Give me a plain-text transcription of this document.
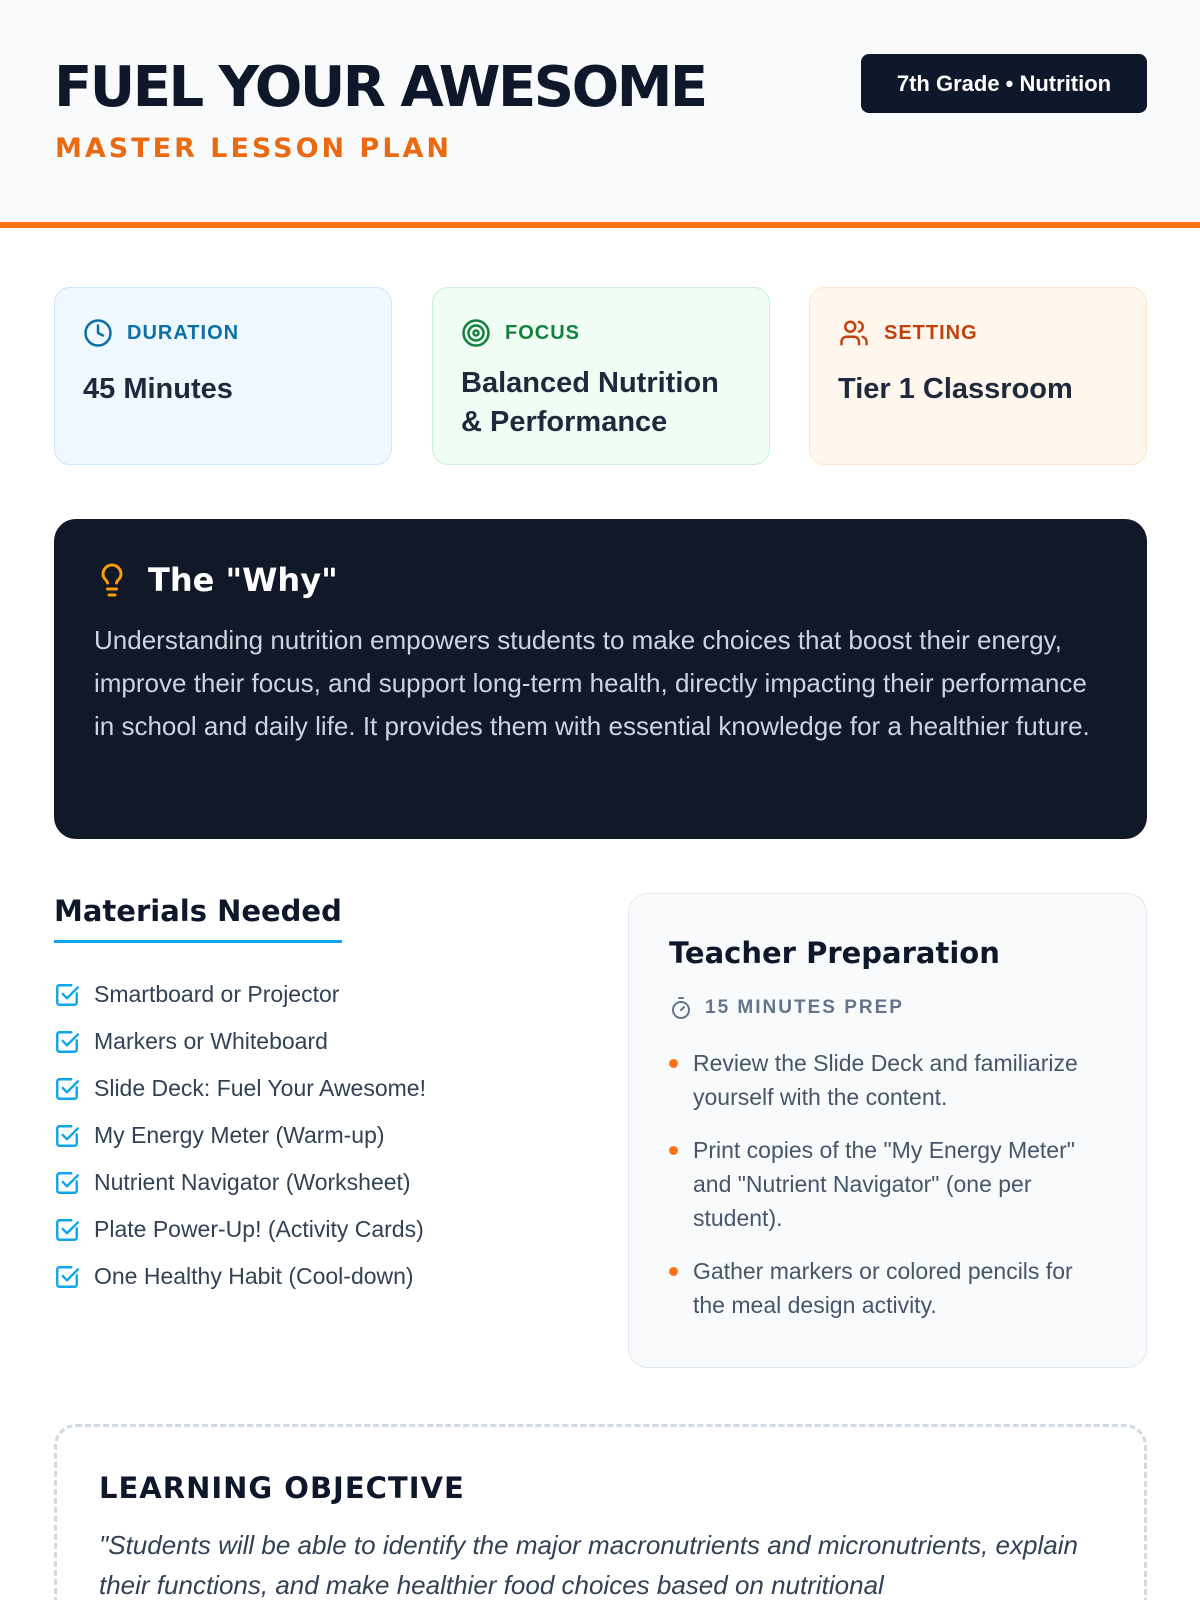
FUEL YOUR AWESOME
MASTER LESSON PLAN
7th Grade • Nutrition
DURATION
45 Minutes
FOCUS
Balanced Nutrition
& Performance
SETTING
Tier 1 Classroom
The "Why"

Understanding nutrition empowers students to make choices that boost their energy, improve their focus, and support long-term health, directly impacting their performance in school and daily life. It provides them with essential knowledge for a healthier future.

Materials Needed
Smartboard or Projector
Markers or Whiteboard
Slide Deck: Fuel Your Awesome!
My Energy Meter (Warm-up)
Nutrient Navigator (Worksheet)
Plate Power-Up! (Activity Cards)
One Healthy Habit (Cool-down)
Teacher Preparation
15 MINUTES PREP
Review the Slide Deck and familiarize yourself with the content.
Print copies of the "My Energy Meter" and "Nutrient Navigator" (one per student).
Gather markers or colored pencils for the meal design activity.
LEARNING OBJECTIVE

"Students will be able to identify the major macronutrients and micronutrients, explain their functions, and make healthier food choices based on nutritional
